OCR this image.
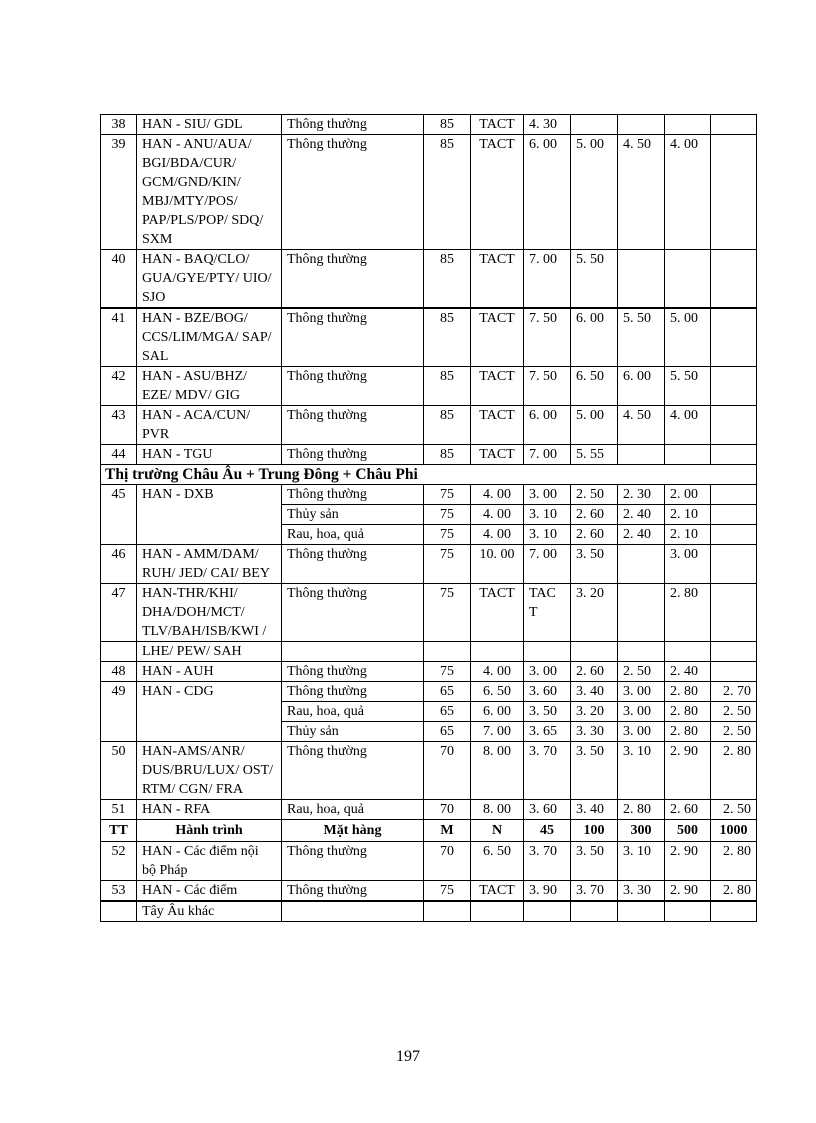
38	HAN - SIU/ GDL	Thông thường	85	TACT	4. 30				
39	HAN - ANU/AUA/ BGI/BDA/CUR/ GCM/GND/KIN/ MBJ/MTY/POS/ PAP/PLS/POP/ SDQ/ SXM	Thông thường	85	TACT	6. 00	5. 00	4. 50	4. 00	
40	HAN - BAQ/CLO/ GUA/GYE/PTY/ UIO/ SJO	Thông thường	85	TACT	7. 00	5. 50			
41	HAN - BZE/BOG/ CCS/LIM/MGA/ SAP/ SAL	Thông thường	85	TACT	7. 50	6. 00	5. 50	5. 00	
42	HAN - ASU/BHZ/ EZE/ MDV/ GIG	Thông thường	85	TACT	7. 50	6. 50	6. 00	5. 50	
43	HAN - ACA/CUN/ PVR	Thông thường	85	TACT	6. 00	5. 00	4. 50	4. 00	
44	HAN - TGU	Thông thường	85	TACT	7. 00	5. 55			
Thị trường Châu Âu + Trung Đông + Châu Phi									
45	HAN - DXB	Thông thường	75	4. 00	3. 00	2. 50	2. 30	2. 00	
		Thủy sản	75	4. 00	3. 10	2. 60	2. 40	2. 10	
		Rau, hoa, quả	75	4. 00	3. 10	2. 60	2. 40	2. 10	
46	HAN - AMM/DAM/ RUH/ JED/ CAI/ BEY	Thông thường	75	10. 00	7. 00	3. 50		3. 00	
47	HAN-THR/KHI/ DHA/DOH/MCT/ TLV/BAH/ISB/KWI /	Thông thường	75	TACT	TAC T	3. 20		2. 80	
	LHE/ PEW/ SAH								
48	HAN - AUH	Thông thường	75	4. 00	3. 00	2. 60	2. 50	2. 40	
49	HAN - CDG	Thông thường	65	6. 50	3. 60	3. 40	3. 00	2. 80	2. 70
		Rau, hoa, quả	65	6. 00	3. 50	3. 20	3. 00	2. 80	2. 50
		Thủy sản	65	7. 00	3. 65	3. 30	3. 00	2. 80	2. 50
50	HAN-AMS/ANR/ DUS/BRU/LUX/ OST/ RTM/ CGN/ FRA	Thông thường	70	8. 00	3. 70	3. 50	3. 10	2. 90	2. 80
51	HAN - RFA	Rau, hoa, quả	70	8. 00	3. 60	3. 40	2. 80	2. 60	2. 50
TT	Hành trình	Mặt hàng	M	N	45	100	300	500	1000
52	HAN - Các điểm nội bộ Pháp	Thông thường	70	6. 50	3. 70	3. 50	3. 10	2. 90	2. 80
53	HAN - Các điểm	Thông thường	75	TACT	3. 90	3. 70	3. 30	2. 90	2. 80
	Tây Âu khác								
197
